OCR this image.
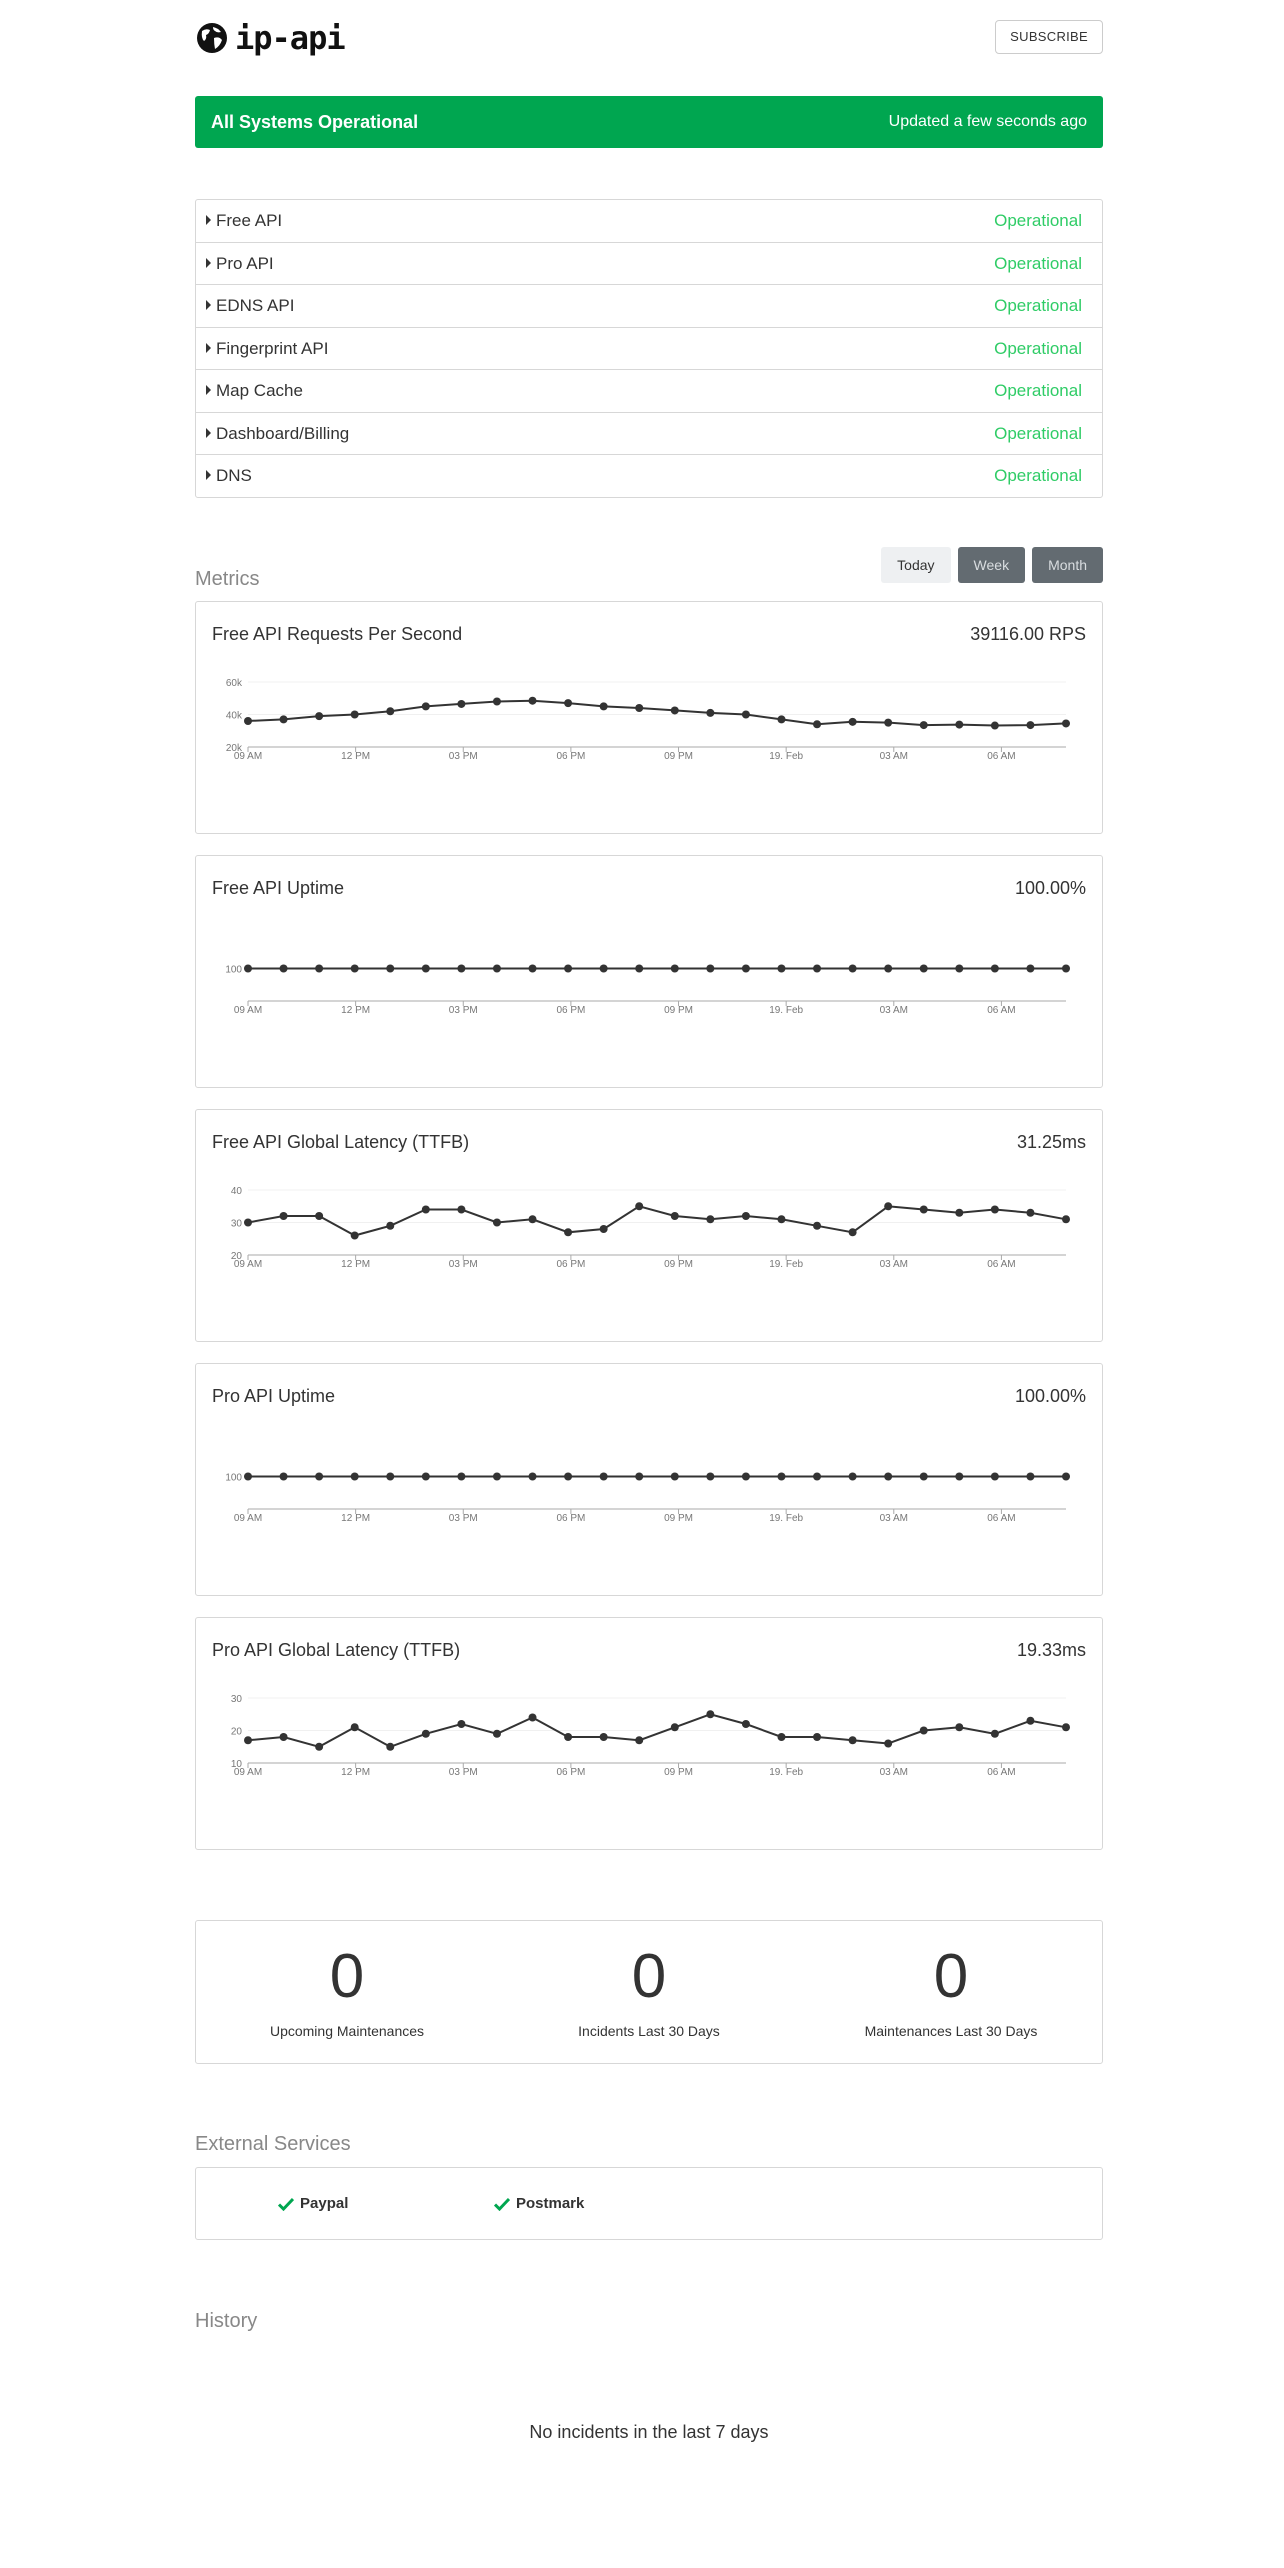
ip-api	SUBSCRIBE
All Systems Operational	Updated a few seconds ago
Free API	Operational
Pro API	Operational
EDNS API	Operational
Fingerprint API	Operational
Map Cache	Operational
Dashboard/Billing	Operational
DNS	Operational
Metrics
Today	Week	Month
Free API Requests Per Second	39116.00 RPS
60k
40k
20k
09 AM	12 PM	03 PM	06 PM	09 PM	19. Feb	03 AM	06 AM
Free API Uptime	100.00%
100
09 AM	12 PM	03 PM	06 PM	09 PM	19. Feb	03 AM	06 AM
Free API Global Latency (TTFB)	31.25ms
40
30
20
09 AM	12 PM	03 PM	06 PM	09 PM	19. Feb	03 AM	06 AM
Pro API Uptime	100.00%
100
09 AM	12 PM	03 PM	06 PM	09 PM	19. Feb	03 AM	06 AM
Pro API Global Latency (TTFB)	19.33ms
30
20
10
09 AM	12 PM	03 PM	06 PM	09 PM	19. Feb	03 AM	06 AM
0
Upcoming Maintenances
0
Incidents Last 30 Days
0
Maintenances Last 30 Days
External Services
Paypal	Postmark
History
No incidents in the last 7 days
